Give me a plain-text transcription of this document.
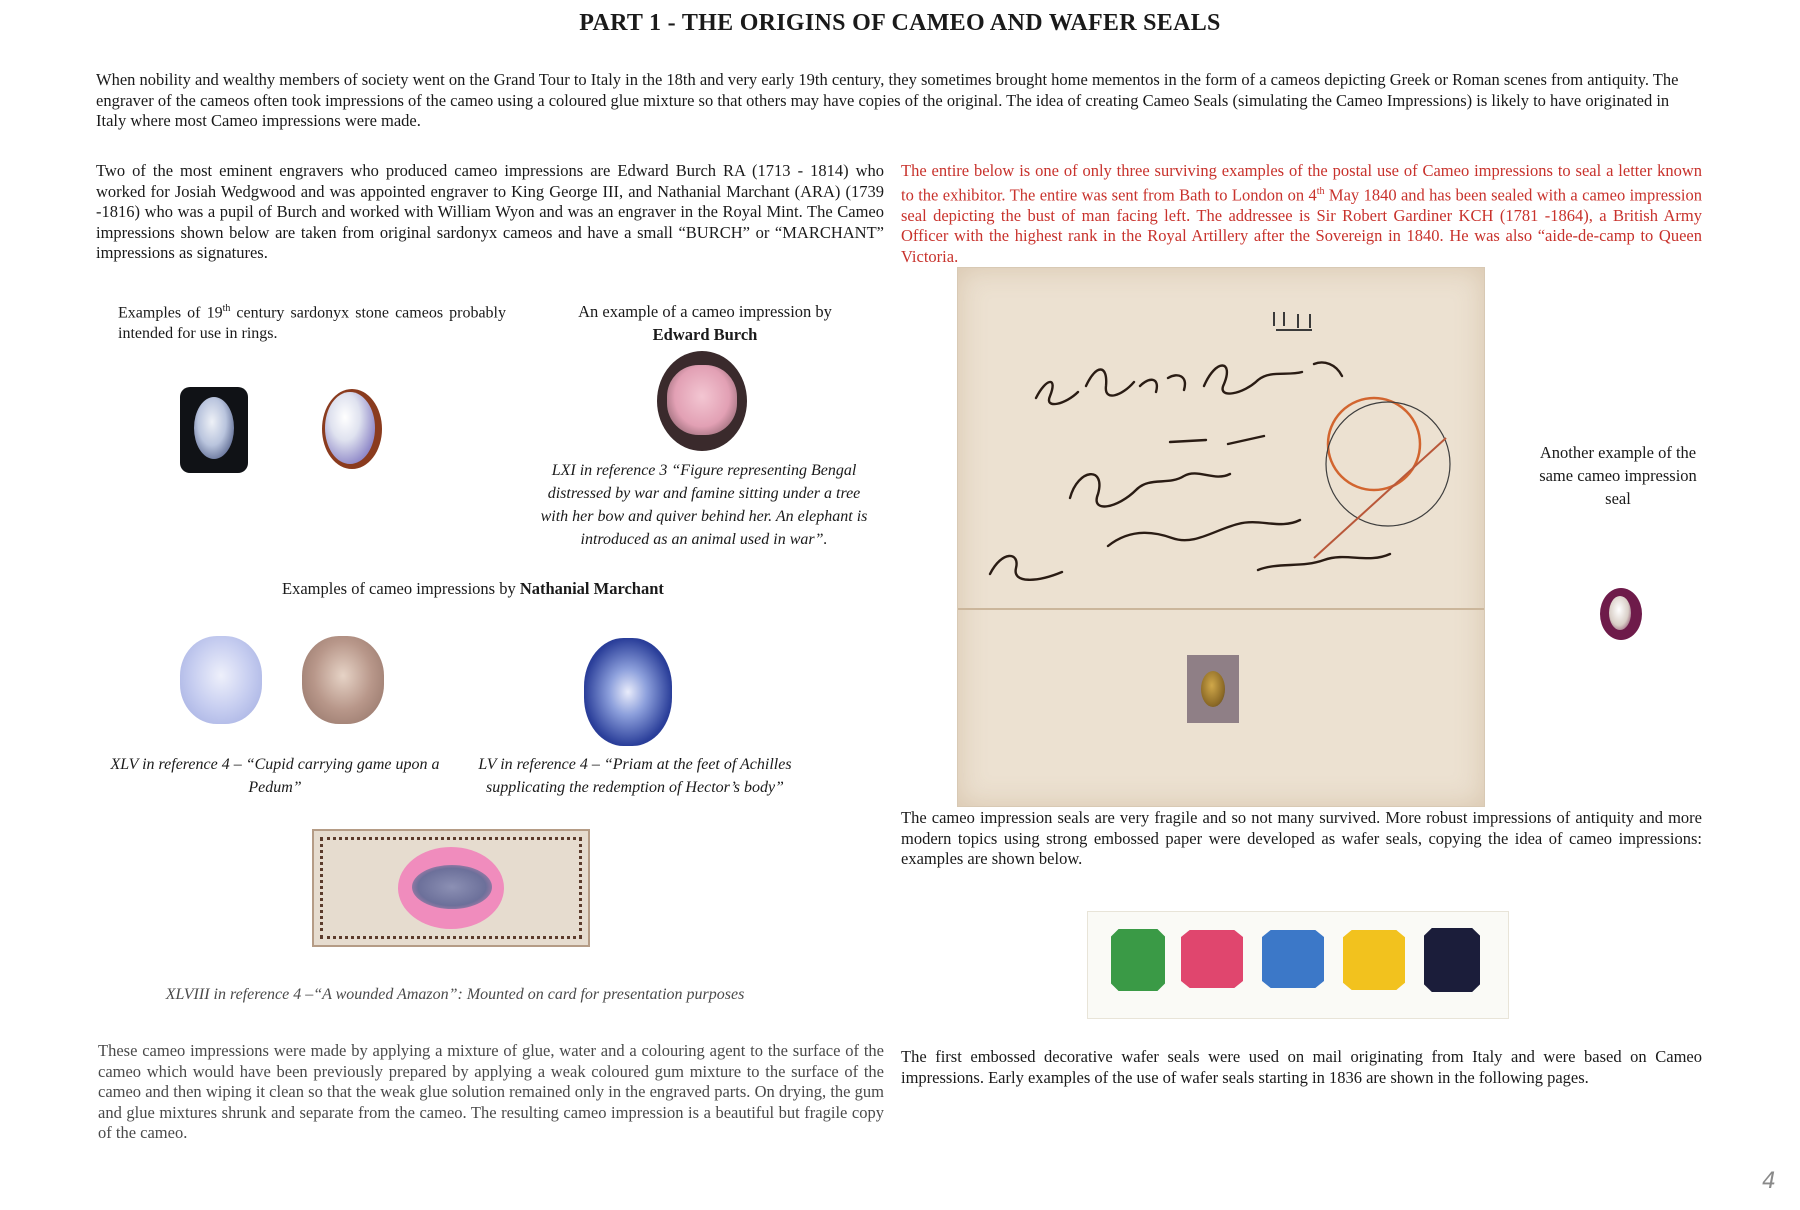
PART 1 - THE ORIGINS OF CAMEO AND WAFER SEALS
When nobility and wealthy members of society went on the Grand Tour to Italy in the 18th and very early 19th century, they sometimes brought home mementos in the form of a cameos depicting Greek or Roman scenes from antiquity. The engraver of the cameos often took impressions of the cameo using a coloured glue mixture so that others may have copies of the original. The idea of creating Cameo Seals (simulating the Cameo Impressions) is likely to have originated in Italy where most Cameo impressions were made.
Two of the most eminent engravers who produced cameo impressions are Edward Burch RA (1713 - 1814) who worked for Josiah Wedgwood and was appointed engraver to King George III, and Nathanial Marchant (ARA) (1739 -1816) who was a pupil of Burch and worked with William Wyon and was an engraver in the Royal Mint. The Cameo impressions shown below are taken from original sardonyx cameos and have a small “BURCH” or “MARCHANT” impressions as signatures.
The entire below is one of only three surviving examples of the postal use of Cameo impressions to seal a letter known to the exhibitor. The entire was sent from Bath to London on 4th May 1840 and has been sealed with a cameo impression seal depicting the bust of man facing left. The addressee is Sir Robert Gardiner KCH (1781 -1864), a British Army Officer with the highest rank in the Royal Artillery after the Sovereign in 1840. He was also “aide-de-camp to Queen Victoria.
Examples of 19th century sardonyx stone cameos probably intended for use in rings.
An example of a cameo impression by
Edward Burch
LXI in reference 3 “Figure representing Bengal distressed by war and famine sitting under a tree with her bow and quiver behind her. An elephant is introduced as an animal used in war”.
Examples of cameo impressions by Nathanial Marchant
XLV in reference 4 – “Cupid carrying game upon a Pedum”
LV in reference 4 – “Priam at the feet of Achilles supplicating the redemption of Hector’s body”
XLVIII in reference 4 –“A wounded Amazon”: Mounted on card for presentation purposes
These cameo impressions were made by applying a mixture of glue, water and a colouring agent to the surface of the cameo which would have been previously prepared by applying a weak coloured gum mixture to the surface of the cameo and then wiping it clean so that the weak glue solution remained only in the engraved parts. On drying, the gum and glue mixtures shrunk and separate from the cameo. The resulting cameo impression is a beautiful but fragile copy of the cameo.
Another example of the same cameo impression seal
The cameo impression seals are very fragile and so not many survived. More robust impressions of antiquity and more modern topics using strong embossed paper were developed as wafer seals, copying the idea of cameo impressions: examples are shown below.
The first embossed decorative wafer seals were used on mail originating from Italy and were based on Cameo impressions. Early examples of the use of wafer seals starting in 1836 are shown in the following pages.
4
